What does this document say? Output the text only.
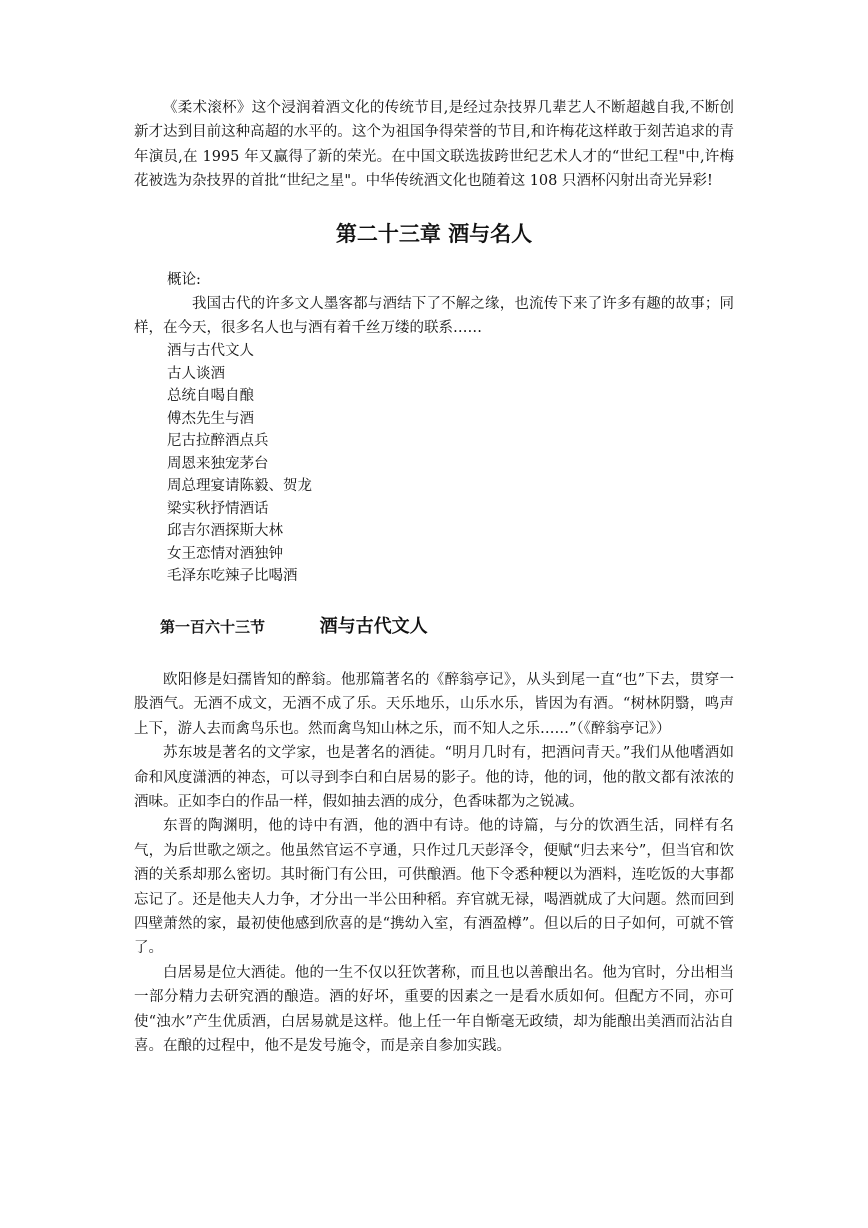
《柔术滚杯》这个浸润着酒文化的传统节目,是经过杂技界几辈艺人不断超越自我,不断创新才达到目前这种高超的水平的。这个为祖国争得荣誉的节目,和许梅花这样敢于刻苦追求的青年演员,在 1995 年又赢得了新的荣光。在中国文联选拔跨世纪艺术人才的“世纪工程"中,许梅花被选为杂技界的首批“世纪之星"。中华传统酒文化也随着这 108 只酒杯闪射出奇光异彩!

第二十三章 酒与名人
概论:

我国古代的许多文人墨客都与酒结下了不解之缘，也流传下来了许多有趣的故事；同样，在今天，很多名人也与酒有着千丝万缕的联系……

酒与古代文人
古人谈酒
总统自喝自酿
傅杰先生与酒
尼古拉醉酒点兵
周恩来独宠茅台
周总理宴请陈毅、贺龙
梁实秋抒情酒话
邱吉尔酒探斯大林
女王恋情对酒独钟
毛泽东吃辣子比喝酒
第一百六十三节	酒与古代文人

欧阳修是妇孺皆知的醉翁。他那篇著名的《醉翁亭记》，从头到尾一直“也”下去，贯穿一股酒气。无酒不成文，无酒不成了乐。天乐地乐，山乐水乐，皆因为有酒。“树林阴翳，鸣声上下，游人去而禽鸟乐也。然而禽鸟知山林之乐，而不知人之乐……”（《醉翁亭记》）

苏东坡是著名的文学家，也是著名的酒徒。“明月几时有，把酒问青天。”我们从他嗜酒如命和风度潇洒的神态，可以寻到李白和白居易的影子。他的诗，他的词，他的散文都有浓浓的酒味。正如李白的作品一样，假如抽去酒的成分，色香味都为之锐减。

东晋的陶渊明，他的诗中有酒，他的酒中有诗。他的诗篇，与分的饮酒生活，同样有名气，为后世歌之颂之。他虽然官运不亨通，只作过几天彭泽令，便赋“归去来兮”，但当官和饮酒的关系却那么密切。其时衙门有公田，可供酿酒。他下令悉种粳以为酒料，连吃饭的大事都忘记了。还是他夫人力争，才分出一半公田种稻。弃官就无禄，喝酒就成了大问题。然而回到四壁萧然的家，最初使他感到欣喜的是“携幼入室，有酒盈樽”。但以后的日子如何，可就不管了。

白居易是位大酒徒。他的一生不仅以狂饮著称，而且也以善酿出名。他为官时，分出相当一部分精力去研究酒的酿造。酒的好坏，重要的因素之一是看水质如何。但配方不同，亦可使“浊水”产生优质酒，白居易就是这样。他上任一年自惭毫无政绩，却为能酿出美酒而沾沾自喜。在酿的过程中，他不是发号施令，而是亲自参加实践。
